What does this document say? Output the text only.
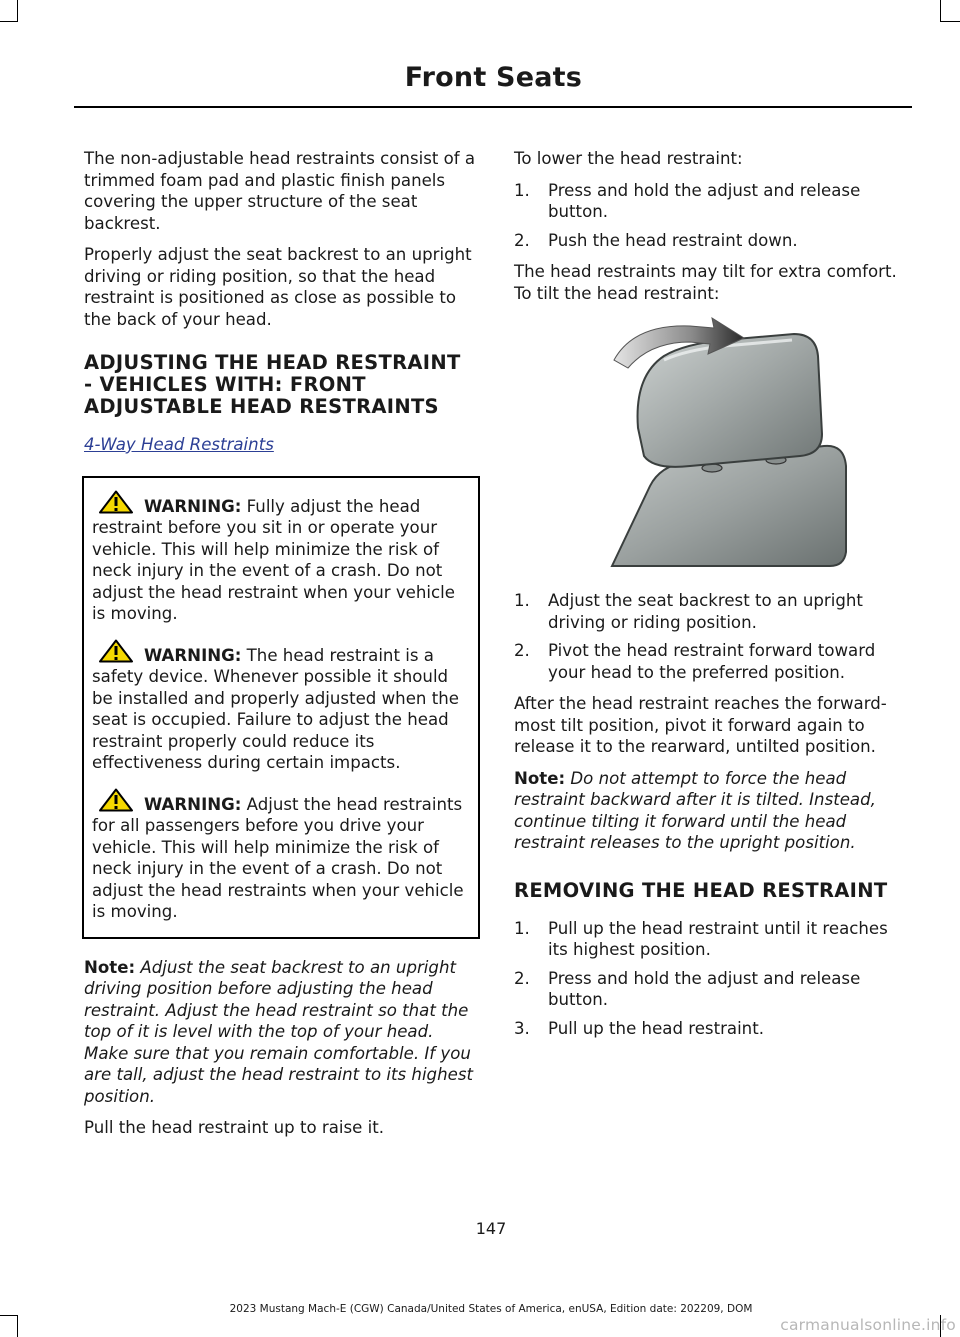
Front Seats

The non-adjustable head restraints consist of a trimmed foam pad and plastic finish panels covering the upper structure of the seat backrest.

Properly adjust the seat backrest to an upright driving or riding position, so that the head restraint is positioned as close as possible to the back of your head.

ADJUSTING THE HEAD RESTRAINT - VEHICLES WITH: FRONT ADJUSTABLE HEAD RESTRAINTS
4-Way Head Restraints
WARNING: Fully adjust the head restraint before you sit in or operate your vehicle. This will help minimize the risk of neck injury in the event of a crash. Do not adjust the head restraint when your vehicle is moving.
WARNING: The head restraint is a safety device. Whenever possible it should be installed and properly adjusted when the seat is occupied. Failure to adjust the head restraint properly could reduce its effectiveness during certain impacts.
WARNING: Adjust the head restraints for all passengers before you drive your vehicle. This will help minimize the risk of neck injury in the event of a crash. Do not adjust the head restraints when your vehicle is moving.

Note: Adjust the seat backrest to an upright driving position before adjusting the head restraint. Adjust the head restraint so that the top of it is level with the top of your head. Make sure that you remain comfortable. If you are tall, adjust the head restraint to its highest position.

Pull the head restraint up to raise it.

To lower the head restraint:

1. Press and hold the adjust and release button.
2. Push the head restraint down.

The head restraints may tilt for extra comfort. To tilt the head restraint:

1. Adjust the seat backrest to an upright driving or riding position.
2. Pivot the head restraint forward toward your head to the preferred position.

After the head restraint reaches the forward-most tilt position, pivot it forward again to release it to the rearward, untilted position.

Note: Do not attempt to force the head restraint backward after it is tilted. Instead, continue tilting it forward until the head restraint releases to the upright position.

REMOVING THE HEAD RESTRAINT
1. Pull up the head restraint until it reaches its highest position.
2. Press and hold the adjust and release button.
3. Pull up the head restraint.
147
2023 Mustang Mach-E (CGW) Canada/United States of America, enUSA, Edition date: 202209, DOM
carmanualsonline.info
